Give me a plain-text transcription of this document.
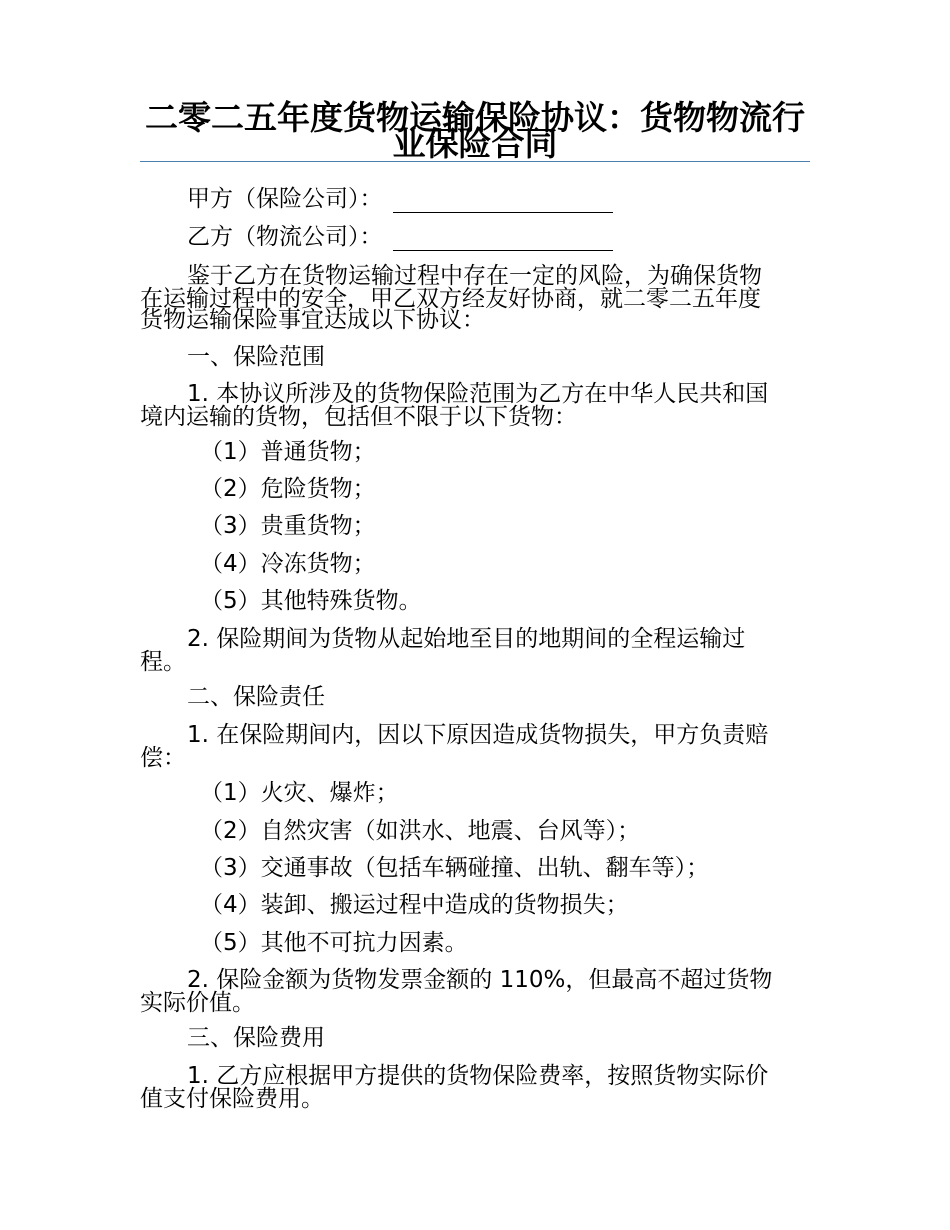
二零二五年度货物运输保险协议：货物物流行业保险合同

甲方（保险公司）：

乙方（物流公司）：

鉴于乙方在货物运输过程中存在一定的风险，为确保货物

在运输过程中的安全，甲乙双方经友好协商，就二零二五年度

货物运输保险事宜达成以下协议：

一、保险范围

1. 本协议所涉及的货物保险范围为乙方在中华人民共和国

境内运输的货物，包括但不限于以下货物：

（1）普通货物；

（2）危险货物；

（3）贵重货物；

（4）冷冻货物；

（5）其他特殊货物。

2. 保险期间为货物从起始地至目的地期间的全程运输过

程。

二、保险责任

1. 在保险期间内，因以下原因造成货物损失，甲方负责赔

偿：

（1）火灾、爆炸；

（2）自然灾害（如洪水、地震、台风等）；

（3）交通事故（包括车辆碰撞、出轨、翻车等）；

（4）装卸、搬运过程中造成的货物损失；

（5）其他不可抗力因素。

2. 保险金额为货物发票金额的 110%，但最高不超过货物

实际价值。

三、保险费用

1. 乙方应根据甲方提供的货物保险费率，按照货物实际价

值支付保险费用。
